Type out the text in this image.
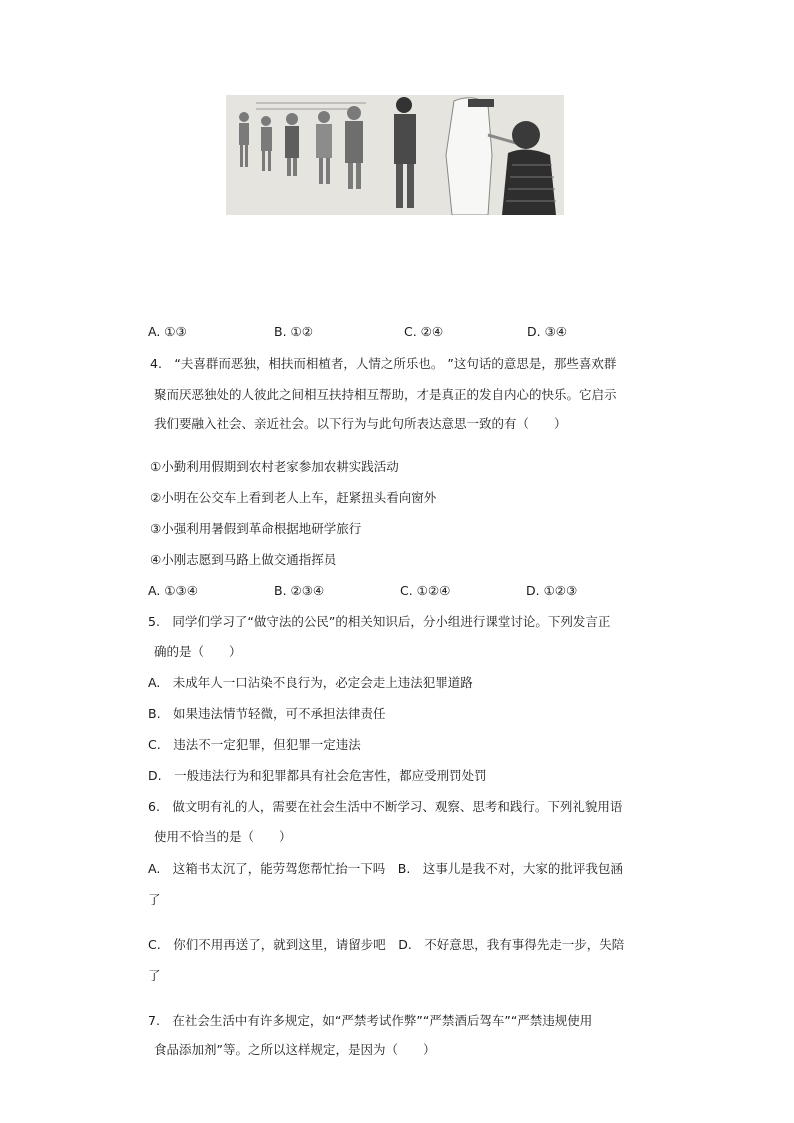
A. ①③	B. ①②	C. ②④	D. ③④
4.　“夫喜群而恶独，相扶而相植者，人情之所乐也。 ”这句话的意思是，那些喜欢群
聚而厌恶独处的人彼此之间相互扶持相互帮助，才是真正的发自内心的快乐。它启示
我们要融入社会、亲近社会。以下行为与此句所表达意思一致的有（　　）
①小勤利用假期到农村老家参加农耕实践活动
②小明在公交车上看到老人上车，赶紧扭头看向窗外
③小强利用暑假到革命根据地研学旅行
④小刚志愿到马路上做交通指挥员
A. ①③④	B. ②③④	C. ①②④	D. ①②③
5.　同学们学习了“做守法的公民”的相关知识后，分小组进行课堂讨论。下列发言正
确的是（　　）
A.　未成年人一口沾染不良行为，必定会走上违法犯罪道路
B.　如果违法情节轻微，可不承担法律责任
C.　违法不一定犯罪，但犯罪一定违法
D.　一般违法行为和犯罪都具有社会危害性，都应受刑罚处罚
6.　做文明有礼的人，需要在社会生活中不断学习、观察、思考和践行。下列礼貌用语
使用不恰当的是（　　）
A.　这箱书太沉了，能劳驾您帮忙抬一下吗　B.　这事儿是我不对，大家的批评我包涵
了
C.　你们不用再送了，就到这里，请留步吧　D.　不好意思，我有事得先走一步，失陪
了
7.　在社会生活中有许多规定，如“严禁考试作弊”“严禁酒后驾车”“严禁违规使用
食品添加剂”等。之所以这样规定，是因为（　　）
